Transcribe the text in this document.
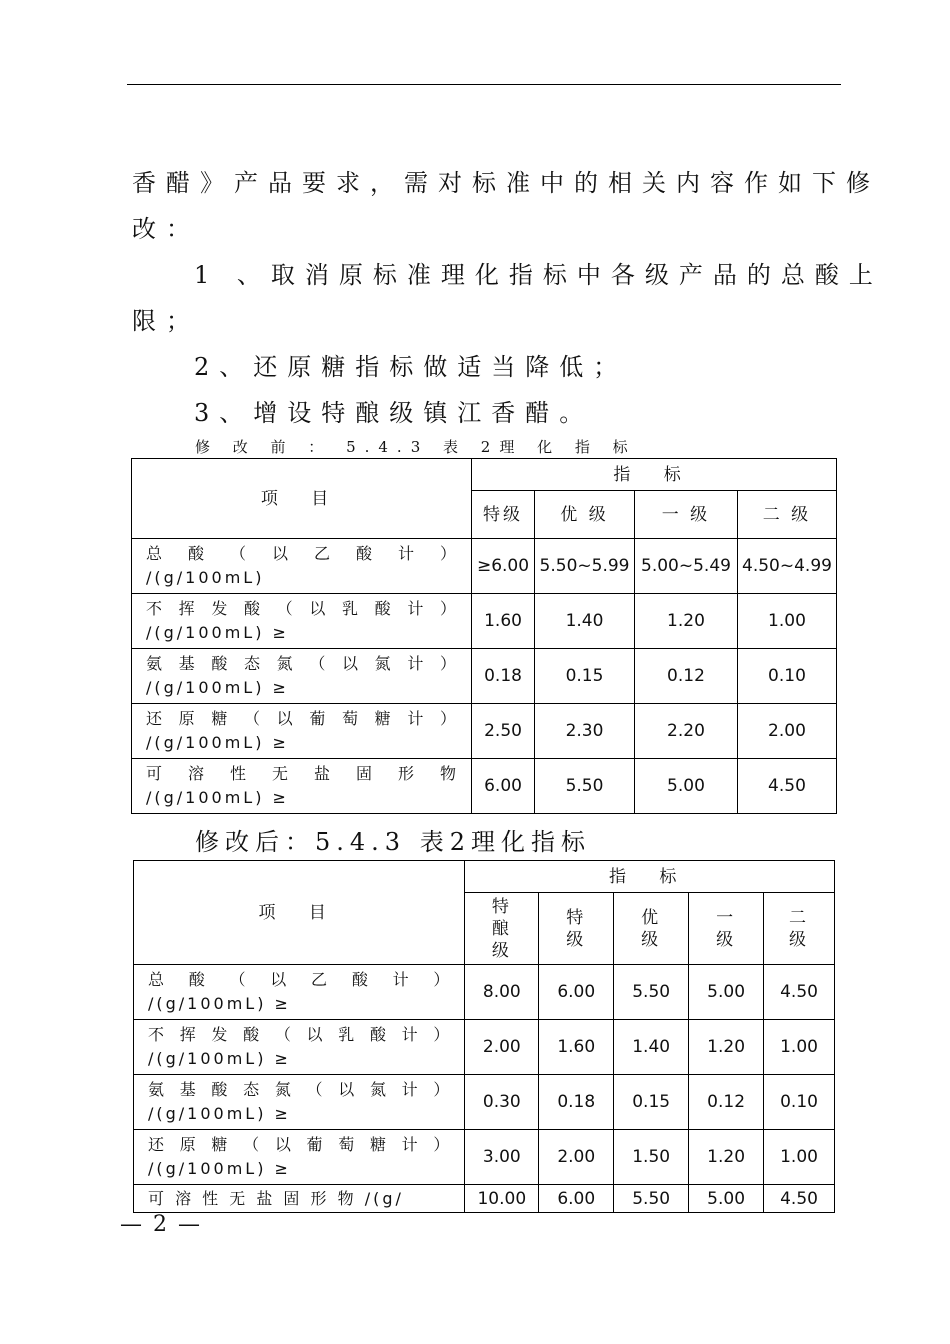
香醋》产品要求，需对标准中的相关内容作如下修
改：
1 、取消原标准理化指标中各级产品的总酸上
限；
2、还原糖指标做适当降低；
3、增设特酿级镇江香醋。
修 改 前 ： 5.4.3 表 2理 化 指 标
项 目	指 标			
	特级	优 级	一 级	二 级
总 酸 （ 以 乙 酸 计 ） /(g/100mL)	≥6.00	5.50~5.99	5.00~5.49	4.50~4.99
不 挥 发 酸 （ 以 乳 酸 计 ） /(g/100mL) ≥	1.60	1.40	1.20	1.00
氨 基 酸 态 氮 （ 以 氮 计 ） /(g/100mL) ≥	0.18	0.15	0.12	0.10
还 原 糖 （ 以 葡 萄 糖 计 ） /(g/100mL) ≥	2.50	2.30	2.20	2.00
可 溶 性 无 盐 固 形 物 /(g/100mL) ≥	6.00	5.50	5.00	4.50
修改后：5.4.3 表2理化指标
项 目	指 标				
	特酿级	特级	优级	一级	二级
总 酸 （ 以 乙 酸 计 ） /(g/100mL) ≥	8.00	6.00	5.50	5.00	4.50
不 挥 发 酸 （ 以 乳 酸 计 ） /(g/100mL) ≥	2.00	1.60	1.40	1.20	1.00
氨 基 酸 态 氮 （ 以 氮 计 ） /(g/100mL) ≥	0.30	0.18	0.15	0.12	0.10
还 原 糖 （ 以 葡 萄 糖 计 ） /(g/100mL) ≥	3.00	2.00	1.50	1.20	1.00
可 溶 性 无 盐 固 形 物 /(g/	10.00	6.00	5.50	5.00	4.50
— 2 —
